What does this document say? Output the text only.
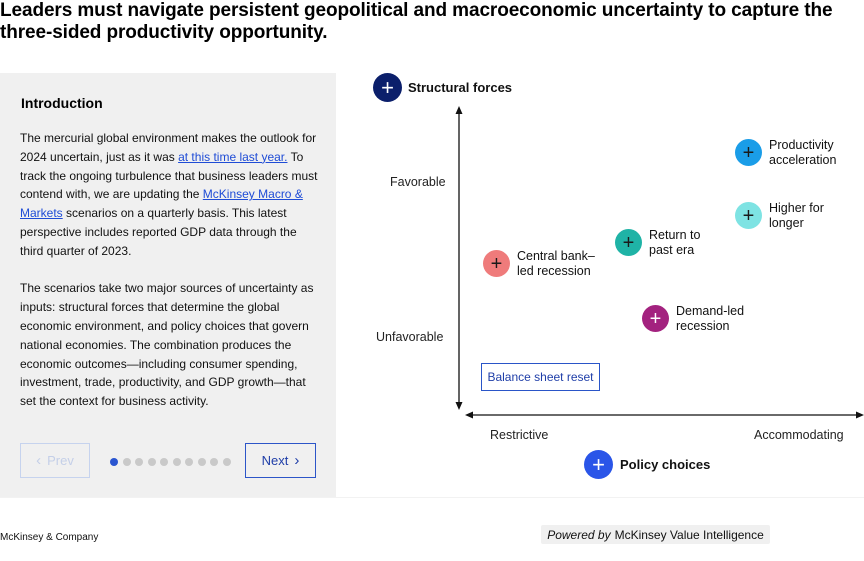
Leaders must navigate persistent geopolitical and macroeconomic uncertainty to capture the three-sided productivity opportunity.
Introduction

The mercurial global environment makes the outlook for 2024 uncertain, just as it was at this time last year. To track the ongoing turbulence that business leaders must contend with, we are updating the McKinsey Macro & Markets scenarios on a quarterly basis. This latest perspective includes reported GDP data through the third quarter of 2023.

The scenarios take two major sources of uncertainty as inputs: structural forces that determine the global economic environment, and policy choices that govern national economies. The combination produces the economic outcomes—including consumer spending, investment, trade, productivity, and GDP growth—that set the context for business activity.

‹ Prev	Next ›
+	Structural forces
Favorable
Unfavorable
+	Productivity
acceleration
+	Higher for
longer
+	Return to
past era
+	Central bank–
led recession
+	Demand-led
recession
Balance sheet reset
Restrictive	Accommodating
+	Policy choices
McKinsey & Company	Powered by McKinsey Value Intelligence
